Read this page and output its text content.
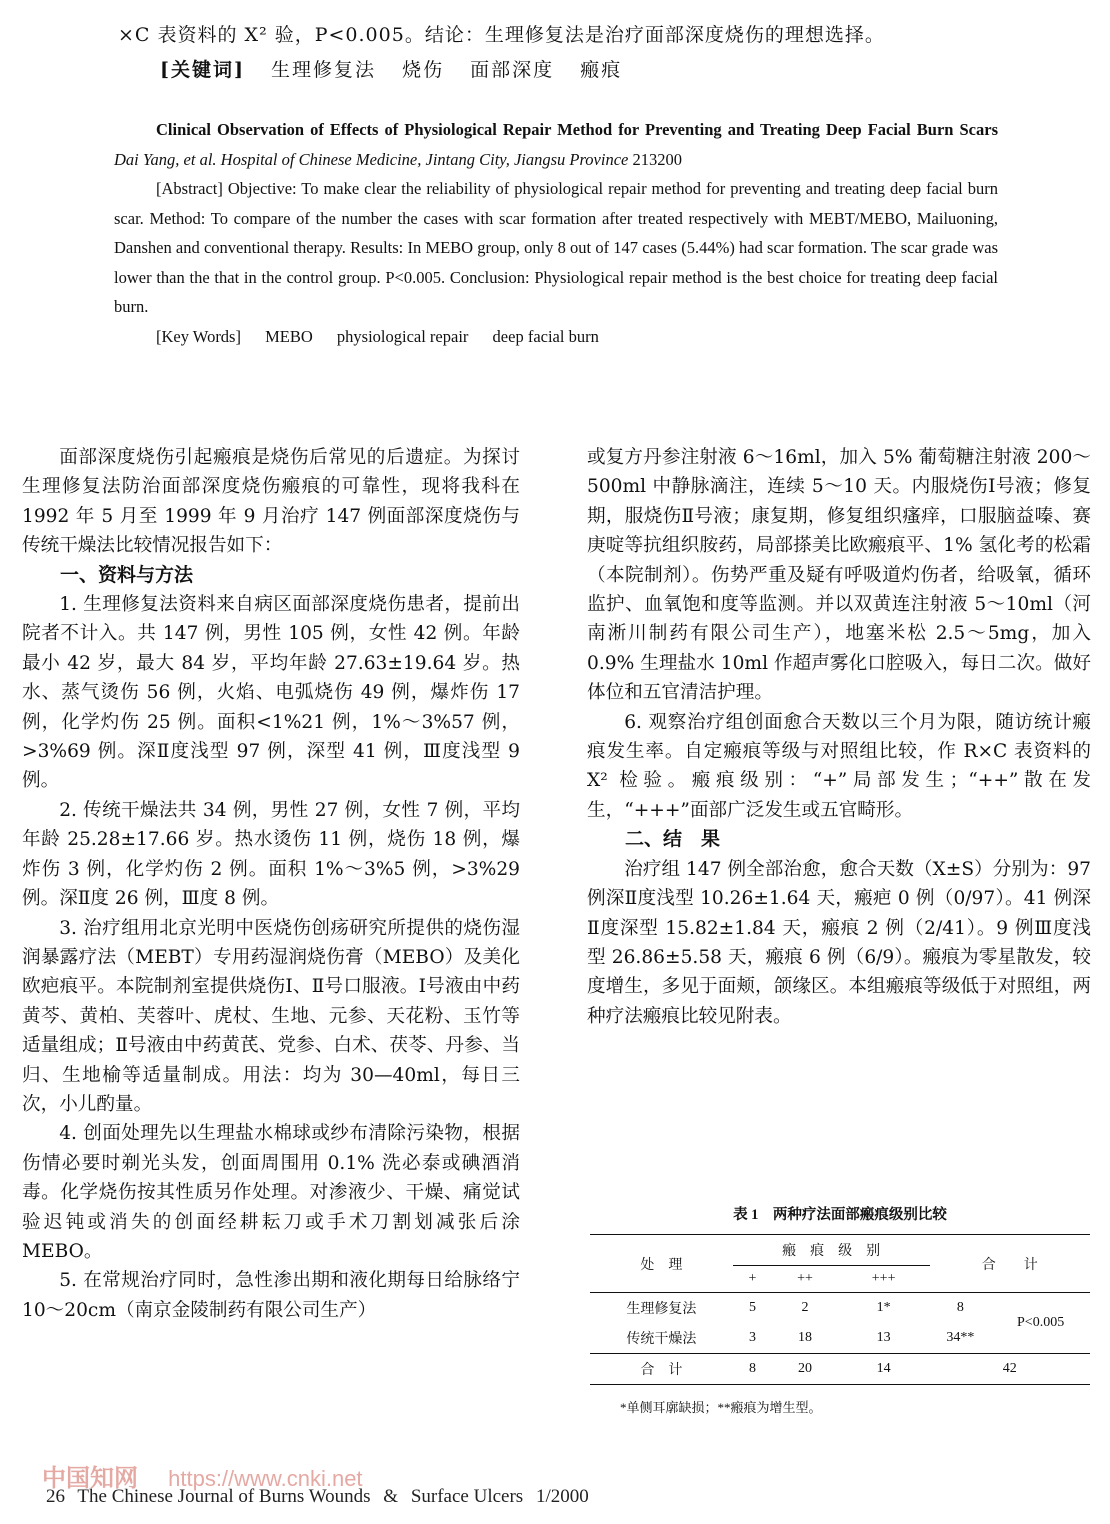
×C 表资料的 X² 验，P<0.005。结论：生理修复法是治疗面部深度烧伤的理想选择。
[关键词] 生理修复法 烧伤 面部深度 瘢痕
Clinical Observation of Effects of Physiological Repair Method for Preventing and Treating Deep Facial Burn Scars Dai Yang, et al. Hospital of Chinese Medicine, Jintang City, Jiangsu Province 213200

[Abstract] Objective: To make clear the reliability of physiological repair method for preventing and treating deep facial burn scar. Method: To compare of the number the cases with scar formation after treated respectively with MEBT/MEBO, Mailuoning, Danshen and conventional therapy. Results: In MEBO group, only 8 out of 147 cases (5.44%) had scar formation. The scar grade was lower than the that in the control group. P<0.005. Conclusion: Physiological repair method is the best choice for treating deep facial burn.

[Key Words] MEBO physiological repair deep facial burn

面部深度烧伤引起瘢痕是烧伤后常见的后遗症。为探讨生理修复法防治面部深度烧伤瘢痕的可靠性，现将我科在 1992 年 5 月至 1999 年 9 月治疗 147 例面部深度烧伤与传统干燥法比较情况报告如下：

一、资料与方法

1. 生理修复法资料来自病区面部深度烧伤患者，提前出院者不计入。共 147 例，男性 105 例，女性 42 例。年龄最小 42 岁，最大 84 岁，平均年龄 27.63±19.64 岁。热水、蒸气烫伤 56 例，火焰、电弧烧伤 49 例，爆炸伤 17 例，化学灼伤 25 例。面积<1%21 例，1%～3%57 例，>3%69 例。深Ⅱ度浅型 97 例，深型 41 例，Ⅲ度浅型 9 例。

2. 传统干燥法共 34 例，男性 27 例，女性 7 例，平均年龄 25.28±17.66 岁。热水烫伤 11 例，烧伤 18 例，爆炸伤 3 例，化学灼伤 2 例。面积 1%～3%5 例，>3%29 例。深Ⅱ度 26 例，Ⅲ度 8 例。

3. 治疗组用北京光明中医烧伤创疡研究所提供的烧伤湿润暴露疗法（MEBT）专用药湿润烧伤膏（MEBO）及美化欧疤痕平。本院制剂室提供烧伤Ⅰ、Ⅱ号口服液。Ⅰ号液由中药黄芩、黄柏、芙蓉叶、虎杖、生地、元参、天花粉、玉竹等适量组成；Ⅱ号液由中药黄芪、党参、白术、茯苓、丹参、当归、生地榆等适量制成。用法：均为 30—40ml，每日三次，小儿酌量。

4. 创面处理先以生理盐水棉球或纱布清除污染物，根据伤情必要时剃光头发，创面周围用 0.1% 洗必泰或碘酒消毒。化学烧伤按其性质另作处理。对渗液少、干燥、痛觉试验迟钝或消失的创面经耕耘刀或手术刀割划减张后涂 MEBO。

5. 在常规治疗同时，急性渗出期和液化期每日给脉络宁 10～20cm（南京金陵制药有限公司生产）

或复方丹参注射液 6～16ml，加入 5% 葡萄糖注射液 200～500ml 中静脉滴注，连续 5～10 天。内服烧伤Ⅰ号液；修复期，服烧伤Ⅱ号液；康复期，修复组织瘙痒，口服脑益嗪、赛庚啶等抗组织胺药，局部搽美比欧瘢痕平、1% 氢化考的松霜（本院制剂）。伤势严重及疑有呼吸道灼伤者，给吸氧，循环监护、血氧饱和度等监测。并以双黄连注射液 5～10ml（河南淅川制药有限公司生产），地塞米松 2.5～5mg，加入 0.9% 生理盐水 10ml 作超声雾化口腔吸入，每日二次。做好体位和五官清洁护理。

6. 观察治疗组创面愈合天数以三个月为限，随访统计瘢痕发生率。自定瘢痕等级与对照组比较，作 R×C 表资料的 X² 检验。瘢痕级别：“+”局部发生；“++”散在发生，“+++”面部广泛发生或五官畸形。

二、结　果

治疗组 147 例全部治愈，愈合天数（X±S）分别为：97 例深Ⅱ度浅型 10.26±1.64 天，瘢疤 0 例（0/97）。41 例深Ⅱ度深型 15.82±1.84 天，瘢痕 2 例（2/41）。9 例Ⅲ度浅型 26.86±5.58 天，瘢痕 6 例（6/9）。瘢痕为零星散发，较度增生，多见于面颊，颌缘区。本组瘢痕等级低于对照组，两种疗法瘢痕比较见附表。

表 1　两种疗法面部瘢痕级别比较
处　理	瘢　痕　级　别			合　　计	
	+	++	+++		
生理修复法	5	2	1*	8	P<0.005
传统干燥法	3	18	13	34**	
合　计	8	20	14	42	
*单侧耳廓缺损；**瘢痕为增生型。
中国知网 https://www.cnki.net
26 The Chinese Journal of Burns Wounds & Surface Ulcers 1/2000
